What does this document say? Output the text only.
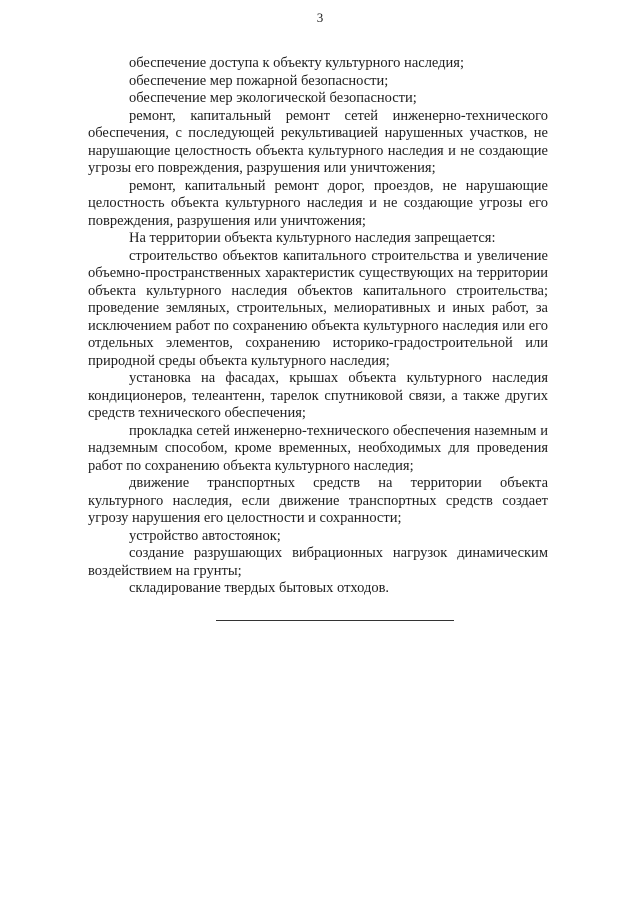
3

обеспечение доступа к объекту культурного наследия;

обеспечение мер пожарной безопасности;

обеспечение мер экологической безопасности;

ремонт, капитальный ремонт сетей инженерно-технического обеспечения, с последующей рекультивацией нарушенных участков, не нарушающие целостность объекта культурного наследия и не создающие угрозы его повреждения, разрушения или уничтожения;

ремонт, капитальный ремонт дорог, проездов, не нарушающие целостность объекта культурного наследия и не создающие угрозы его повреждения, разрушения или уничтожения;

На территории объекта культурного наследия запрещается:

строительство объектов капитального строительства и увеличение объемно-пространственных характеристик существующих на территории объекта культурного наследия объектов капитального строительства; проведение земляных, строительных, мелиоративных и иных работ, за исключением работ по сохранению объекта культурного наследия или его отдельных элементов, сохранению историко-градостроительной или природной среды объекта культурного наследия;

установка на фасадах, крышах объекта культурного наследия кондиционеров, телеантенн, тарелок спутниковой связи, а также других средств технического обеспечения;

прокладка сетей инженерно-технического обеспечения наземным и надземным способом, кроме временных, необходимых для проведения работ по сохранению объекта культурного наследия;

движение транспортных средств на территории объекта культурного наследия, если движение транспортных средств создает угрозу нарушения его целостности и сохранности;

устройство автостоянок;

создание разрушающих вибрационных нагрузок динамическим воздействием на грунты;

складирование твердых бытовых отходов.
